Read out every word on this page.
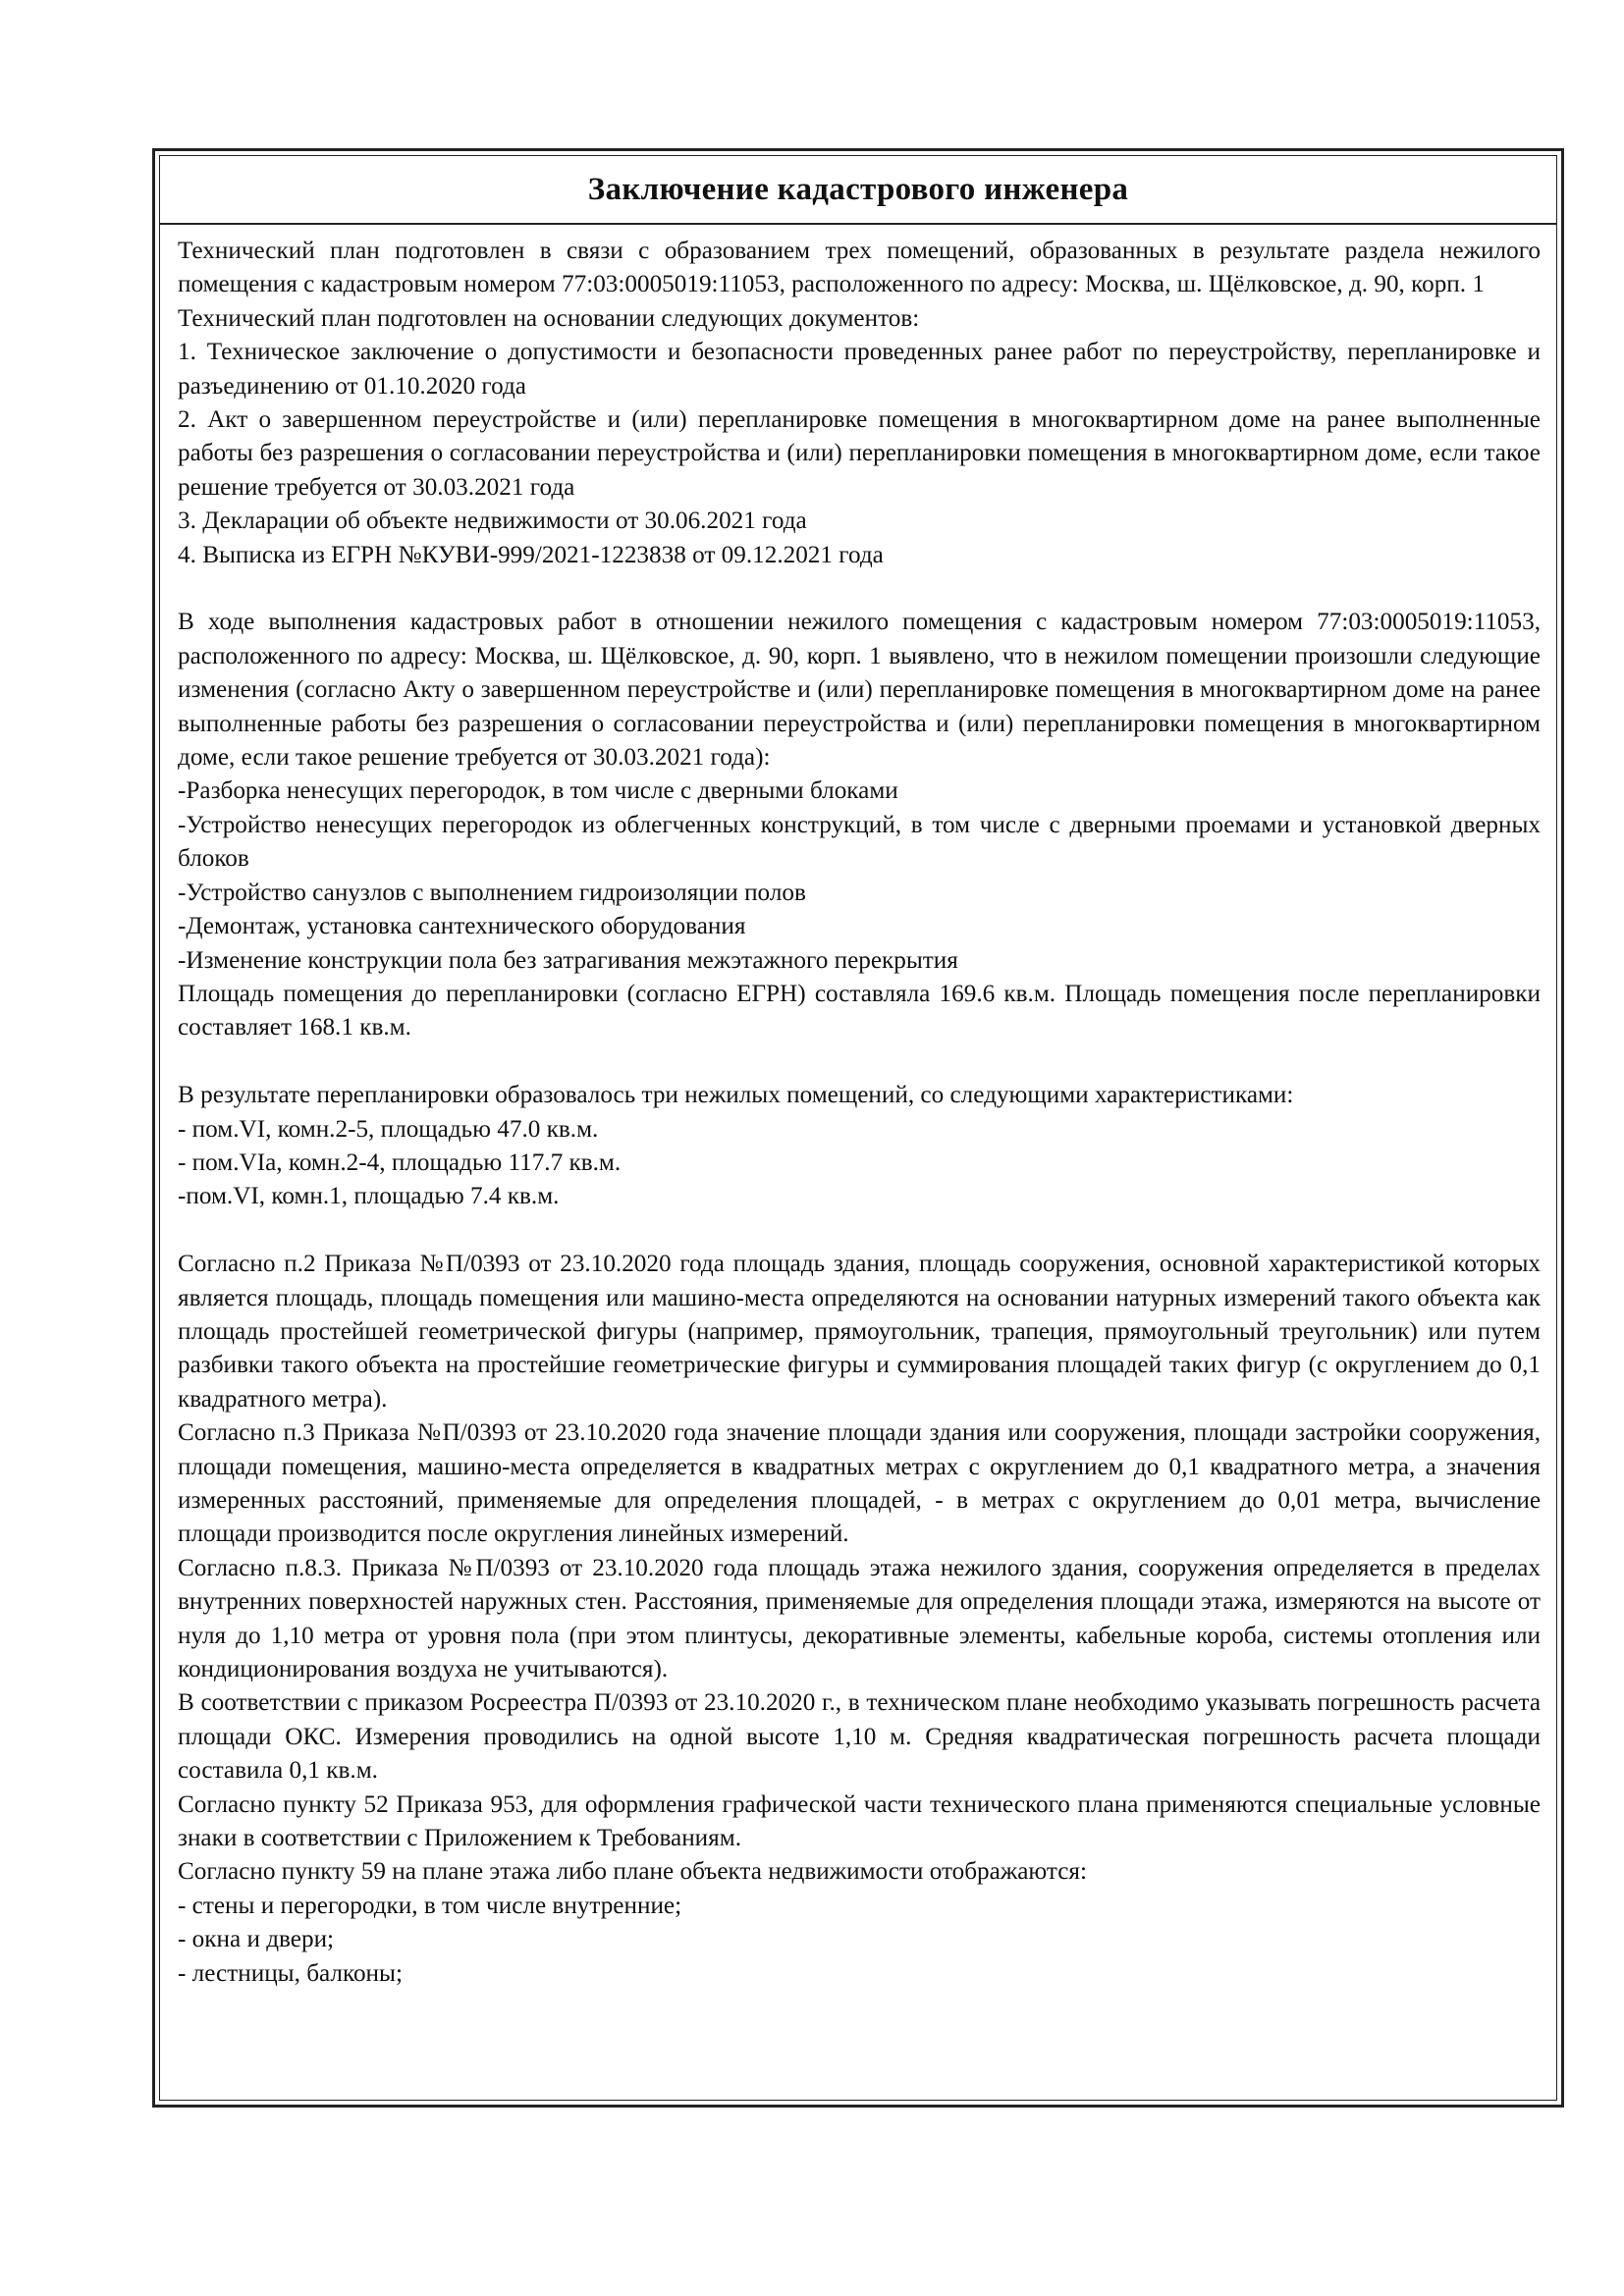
Заключение кадастрового инженера

Технический план подготовлен в связи с образованием трех помещений, образованных в результате раздела нежилого помещения с кадастровым номером 77:03:0005019:11053, расположенного по адресу: Москва, ш. Щёлковское, д. 90, корп. 1

Технический план подготовлен на основании следующих документов:

1. Техническое заключение о допустимости и безопасности проведенных ранее работ по переустройству, перепланировке и разъединению от 01.10.2020 года

2. Акт о завершенном переустройстве и (или) перепланировке помещения в многоквартирном доме на ранее выполненные работы без разрешения о согласовании переустройства и (или) перепланировки помещения в многоквартирном доме, если такое решение требуется от 30.03.2021 года

3. Декларации об объекте недвижимости от 30.06.2021 года

4. Выписка из ЕГРН №КУВИ-999/2021-1223838 от 09.12.2021 года

В ходе выполнения кадастровых работ в отношении нежилого помещения с кадастровым номером 77:03:0005019:11053, расположенного по адресу: Москва, ш. Щёлковское, д. 90, корп. 1 выявлено, что в нежилом помещении произошли следующие изменения (согласно Акту о завершенном переустройстве и (или) перепланировке помещения в многоквартирном доме на ранее выполненные работы без разрешения о согласовании переустройства и (или) перепланировки помещения в многоквартирном доме, если такое решение требуется от 30.03.2021 года):

-Разборка ненесущих перегородок, в том числе с дверными блоками

-Устройство ненесущих перегородок из облегченных конструкций, в том числе с дверными проемами и установкой дверных блоков

-Устройство санузлов с выполнением гидроизоляции полов

-Демонтаж, установка сантехнического оборудования

-Изменение конструкции пола без затрагивания межэтажного перекрытия

Площадь помещения до перепланировки (согласно ЕГРН) составляла 169.6 кв.м. Площадь помещения после перепланировки составляет 168.1 кв.м.

В результате перепланировки образовалось три нежилых помещений, со следующими характеристиками:

- пом.VI, комн.2-5, площадью 47.0 кв.м.

- пом.VIa, комн.2-4, площадью 117.7 кв.м.

-пом.VI, комн.1, площадью 7.4 кв.м.

Согласно п.2 Приказа №П/0393 от 23.10.2020 года площадь здания, площадь сооружения, основной характеристикой которых является площадь, площадь помещения или машино-места определяются на основании натурных измерений такого объекта как площадь простейшей геометрической фигуры (например, прямоугольник, трапеция, прямоугольный треугольник) или путем разбивки такого объекта на простейшие геометрические фигуры и суммирования площадей таких фигур (с округлением до 0,1 квадратного метра).

Согласно п.3 Приказа №П/0393 от 23.10.2020 года значение площади здания или сооружения, площади застройки сооружения, площади помещения, машино-места определяется в квадратных метрах с округлением до 0,1 квадратного метра, а значения измеренных расстояний, применяемые для определения площадей, - в метрах с округлением до 0,01 метра, вычисление площади производится после округления линейных измерений.

Согласно п.8.3. Приказа №П/0393 от 23.10.2020 года площадь этажа нежилого здания, сооружения определяется в пределах внутренних поверхностей наружных стен. Расстояния, применяемые для определения площади этажа, измеряются на высоте от нуля до 1,10 метра от уровня пола (при этом плинтусы, декоративные элементы, кабельные короба, системы отопления или кондиционирования воздуха не учитываются).

В соответствии с приказом Росреестра П/0393 от 23.10.2020 г., в техническом плане необходимо указывать погрешность расчета площади ОКС. Измерения проводились на одной высоте 1,10 м. Средняя квадратическая погрешность расчета площади составила 0,1 кв.м.

Согласно пункту 52 Приказа 953, для оформления графической части технического плана применяются специальные условные знаки в соответствии с Приложением к Требованиям.

Согласно пункту 59 на плане этажа либо плане объекта недвижимости отображаются:

- стены и перегородки, в том числе внутренние;

- окна и двери;

- лестницы, балконы;
